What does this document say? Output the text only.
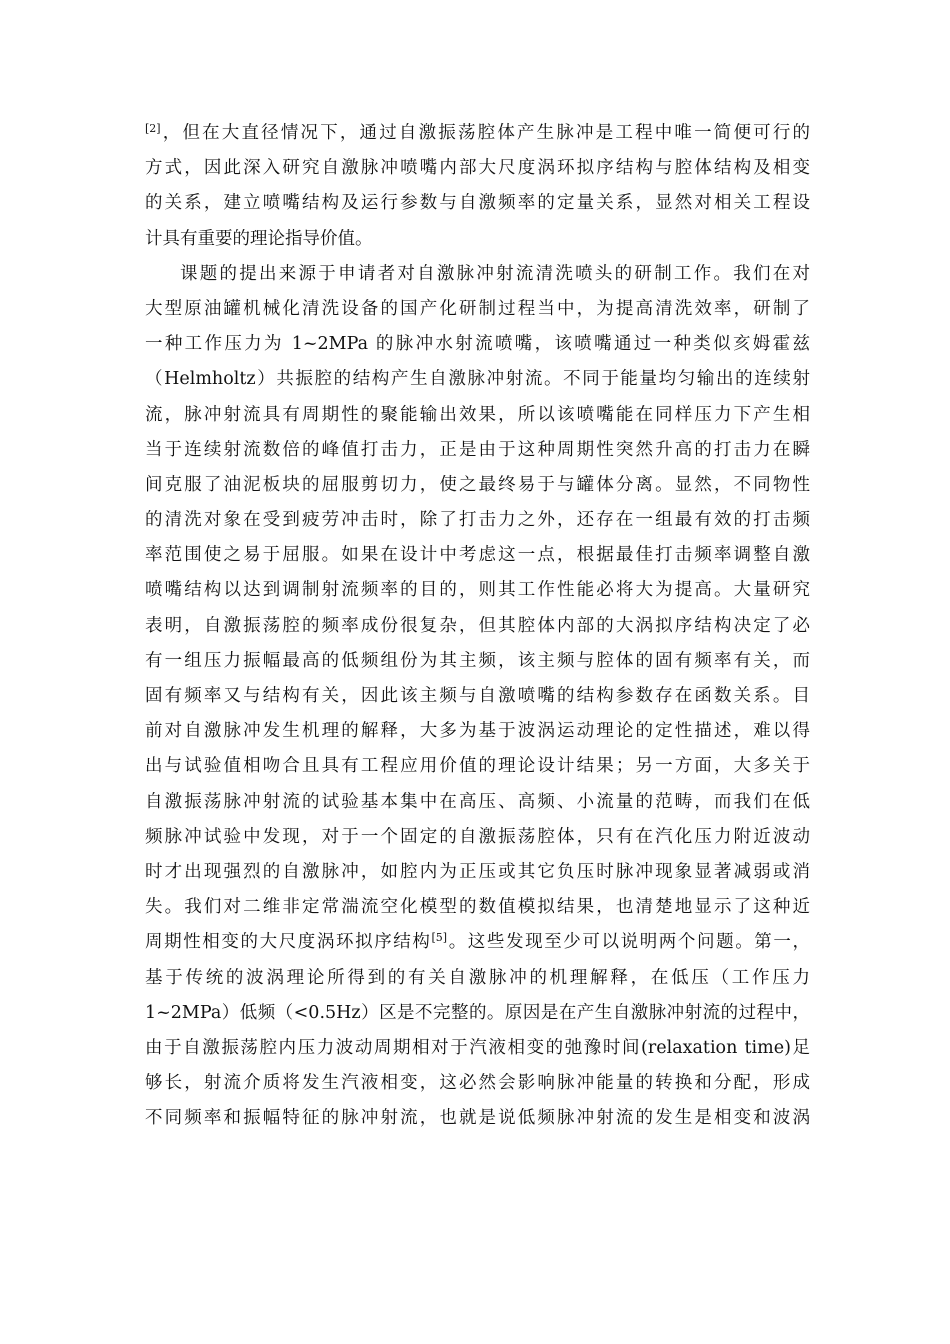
[2]，但在大直径情况下，通过自激振荡腔体产生脉冲是工程中唯一简便可行的
方式，因此深入研究自激脉冲喷嘴内部大尺度涡环拟序结构与腔体结构及相变
的关系，建立喷嘴结构及运行参数与自激频率的定量关系，显然对相关工程设
计具有重要的理论指导价值。
课题的提出来源于申请者对自激脉冲射流清洗喷头的研制工作。我们在对
大型原油罐机械化清洗设备的国产化研制过程当中，为提高清洗效率，研制了
一种工作压力为 1~2MPa 的脉冲水射流喷嘴，该喷嘴通过一种类似亥姆霍兹
（Helmholtz）共振腔的结构产生自激脉冲射流。不同于能量均匀输出的连续射
流，脉冲射流具有周期性的聚能输出效果，所以该喷嘴能在同样压力下产生相
当于连续射流数倍的峰值打击力，正是由于这种周期性突然升高的打击力在瞬
间克服了油泥板块的屈服剪切力，使之最终易于与罐体分离。显然，不同物性
的清洗对象在受到疲劳冲击时，除了打击力之外，还存在一组最有效的打击频
率范围使之易于屈服。如果在设计中考虑这一点，根据最佳打击频率调整自激
喷嘴结构以达到调制射流频率的目的，则其工作性能必将大为提高。大量研究
表明，自激振荡腔的频率成份很复杂，但其腔体内部的大涡拟序结构决定了必
有一组压力振幅最高的低频组份为其主频，该主频与腔体的固有频率有关，而
固有频率又与结构有关，因此该主频与自激喷嘴的结构参数存在函数关系。目
前对自激脉冲发生机理的解释，大多为基于波涡运动理论的定性描述，难以得
出与试验值相吻合且具有工程应用价值的理论设计结果；另一方面，大多关于
自激振荡脉冲射流的试验基本集中在高压、高频、小流量的范畴，而我们在低
频脉冲试验中发现，对于一个固定的自激振荡腔体，只有在汽化压力附近波动
时才出现强烈的自激脉冲，如腔内为正压或其它负压时脉冲现象显著减弱或消
失。我们对二维非定常湍流空化模型的数值模拟结果，也清楚地显示了这种近
周期性相变的大尺度涡环拟序结构[5]。这些发现至少可以说明两个问题。第一，
基于传统的波涡理论所得到的有关自激脉冲的机理解释，在低压（工作压力
1~2MPa）低频（<0.5Hz）区是不完整的。原因是在产生自激脉冲射流的过程中，
由于自激振荡腔内压力波动周期相对于汽液相变的弛豫时间(relaxation time)足
够长，射流介质将发生汽液相变，这必然会影响脉冲能量的转换和分配，形成
不同频率和振幅特征的脉冲射流，也就是说低频脉冲射流的发生是相变和波涡
